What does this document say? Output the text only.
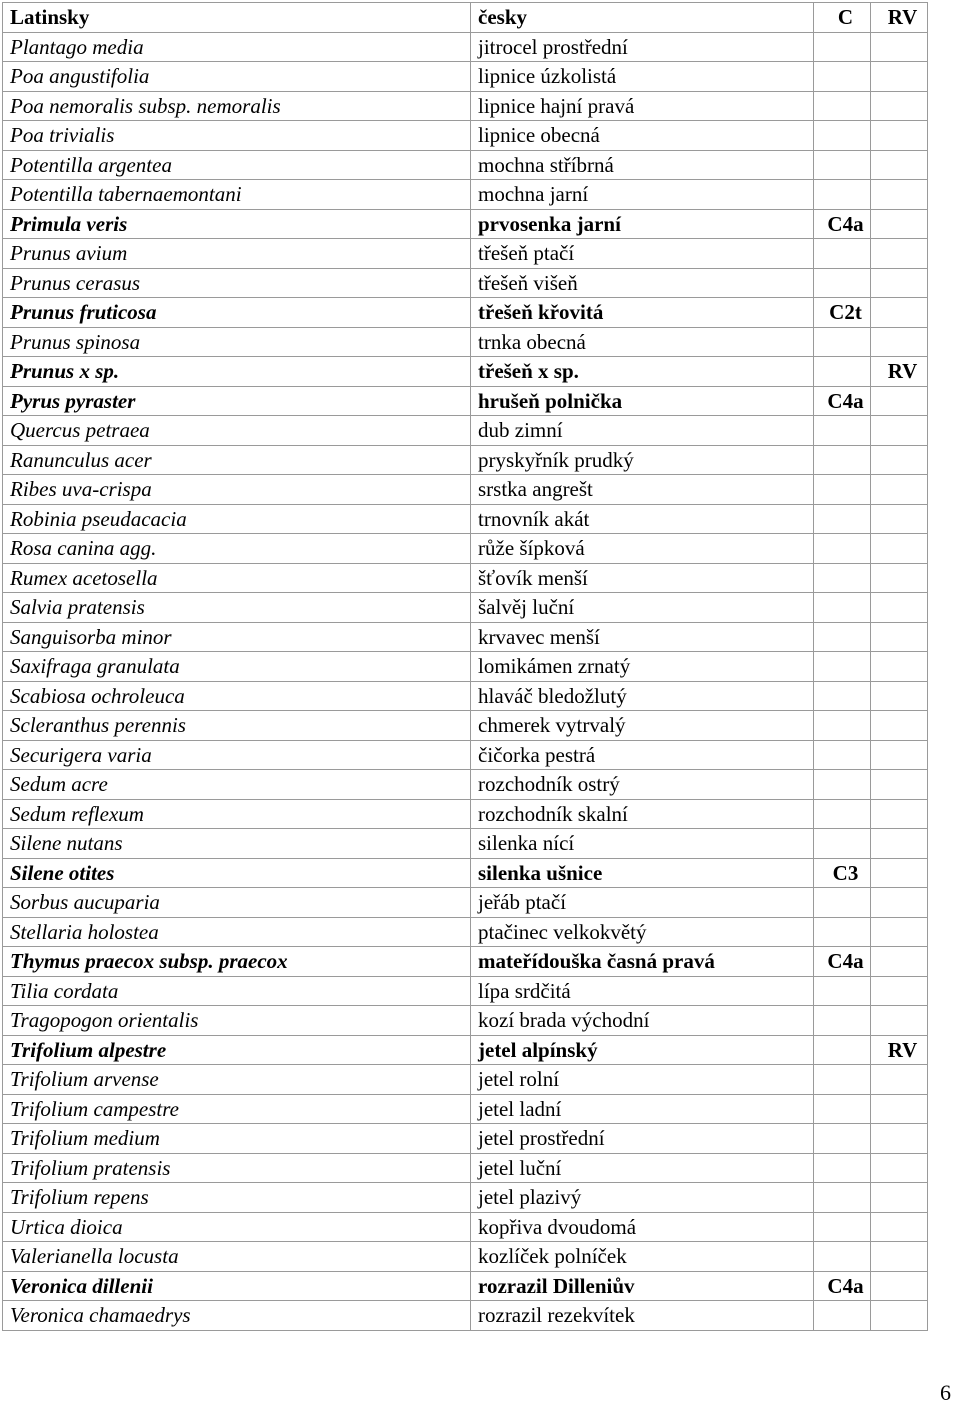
Latinsky	česky	C	RV
Plantago media	jitrocel prostřední		
Poa angustifolia	lipnice úzkolistá		
Poa nemoralis subsp. nemoralis	lipnice hajní pravá		
Poa trivialis	lipnice obecná		
Potentilla argentea	mochna stříbrná		
Potentilla tabernaemontani	mochna jarní		
Primula veris	prvosenka jarní	C4a	
Prunus avium	třešeň ptačí		
Prunus cerasus	třešeň višeň		
Prunus fruticosa	třešeň křovitá	C2t	
Prunus spinosa	trnka obecná		
Prunus x sp.	třešeň x sp.		RV
Pyrus pyraster	hrušeň polnička	C4a	
Quercus petraea	dub zimní		
Ranunculus acer	pryskyřník prudký		
Ribes uva-crispa	srstka angrešt		
Robinia pseudacacia	trnovník akát		
Rosa canina agg.	růže šípková		
Rumex acetosella	šťovík menší		
Salvia pratensis	šalvěj luční		
Sanguisorba minor	krvavec menší		
Saxifraga granulata	lomikámen zrnatý		
Scabiosa ochroleuca	hlaváč bledožlutý		
Scleranthus perennis	chmerek vytrvalý		
Securigera varia	čičorka pestrá		
Sedum acre	rozchodník ostrý		
Sedum reflexum	rozchodník skalní		
Silene nutans	silenka nící		
Silene otites	silenka ušnice	C3	
Sorbus aucuparia	jeřáb ptačí		
Stellaria holostea	ptačinec velkokvětý		
Thymus praecox subsp. praecox	mateřídouška časná pravá	C4a	
Tilia cordata	lípa srdčitá		
Tragopogon orientalis	kozí brada východní		
Trifolium alpestre	jetel alpínský		RV
Trifolium arvense	jetel rolní		
Trifolium campestre	jetel ladní		
Trifolium medium	jetel prostřední		
Trifolium pratensis	jetel luční		
Trifolium repens	jetel plazivý		
Urtica dioica	kopřiva dvoudomá		
Valerianella locusta	kozlíček polníček		
Veronica dillenii	rozrazil Dilleniův	C4a	
Veronica chamaedrys	rozrazil rezekvítek		
6
